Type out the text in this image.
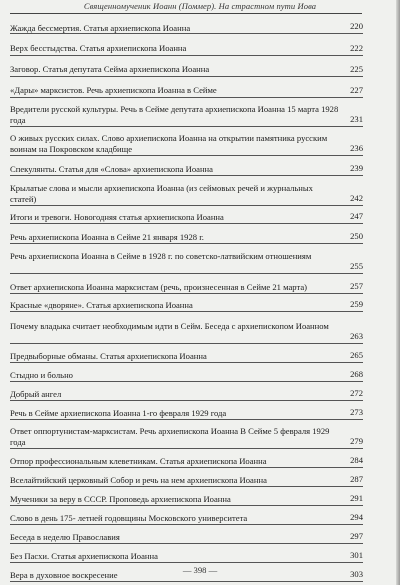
Священномученик Иоанн (Поммер). На страстном пути Иова
Жажда бессмертия. Статья архиепископа Иоанна	220
Верх бесстыдства. Статья архиепископа Иоанна	222
Заговор. Статья депутата Сейма архиепископа Иоанна	225
«Дары» марксистов. Речь архиепископа Иоанна в Сейме	227
Вредители русской культуры. Речь в Сейме депутата архиепископа Иоанна 15 марта 1928 года	231
О живых русских силах. Слово архиепископа Иоанна на открытии памятника русским воинам на Покровском кладбище	236
Спекулянты. Статья для «Слова» архиепископа Иоанна	239
Крылатые слова и мысли архиепископа Иоанна (из сеймовых речей и журнальных статей)	242
Итоги и тревоги. Новогодняя статья архиепископа Иоанна	247
Речь архиепископа Иоанна в Сейме 21 января 1928 г.	250
Речь архиепископа Иоанна в Сейме в 1928 г. по советско-латвийским отношениям
255
Ответ архиепископа Иоанна марксистам (речь, произнесенная в Сейме 21 марта)	257
Красные «дворяне». Статья архиепископа Иоанна	259
Почему владыка считает необходимым идти в Сейм. Беседа с архиепископом Иоанном
263
Предвыборные обманы. Статья архиепископа Иоанна	265
Стыдно и больно	268
Добрый ангел	272
Речь в Сейме архиепископа Иоанна 1-го февраля 1929 года	273
Ответ оппортунистам-марксистам. Речь архиепископа Иоанна В Сейме 5 февраля 1929 года	279
Отпор профессиональным клеветникам. Статья архиепископа Иоанна	284
Вселайтийский церковный Собор и речь на нем архиепископа Иоанна	287
Мученики за веру в СССР. Проповедь архиепископа Иоанна	291
Слово в день 175- летней годовщины Московского университета	294
Беседа в неделю Православия	297
Без Пасхи. Статья архиепископа Иоанна	301
Вера в духовное воскресение	303
— 398 —
